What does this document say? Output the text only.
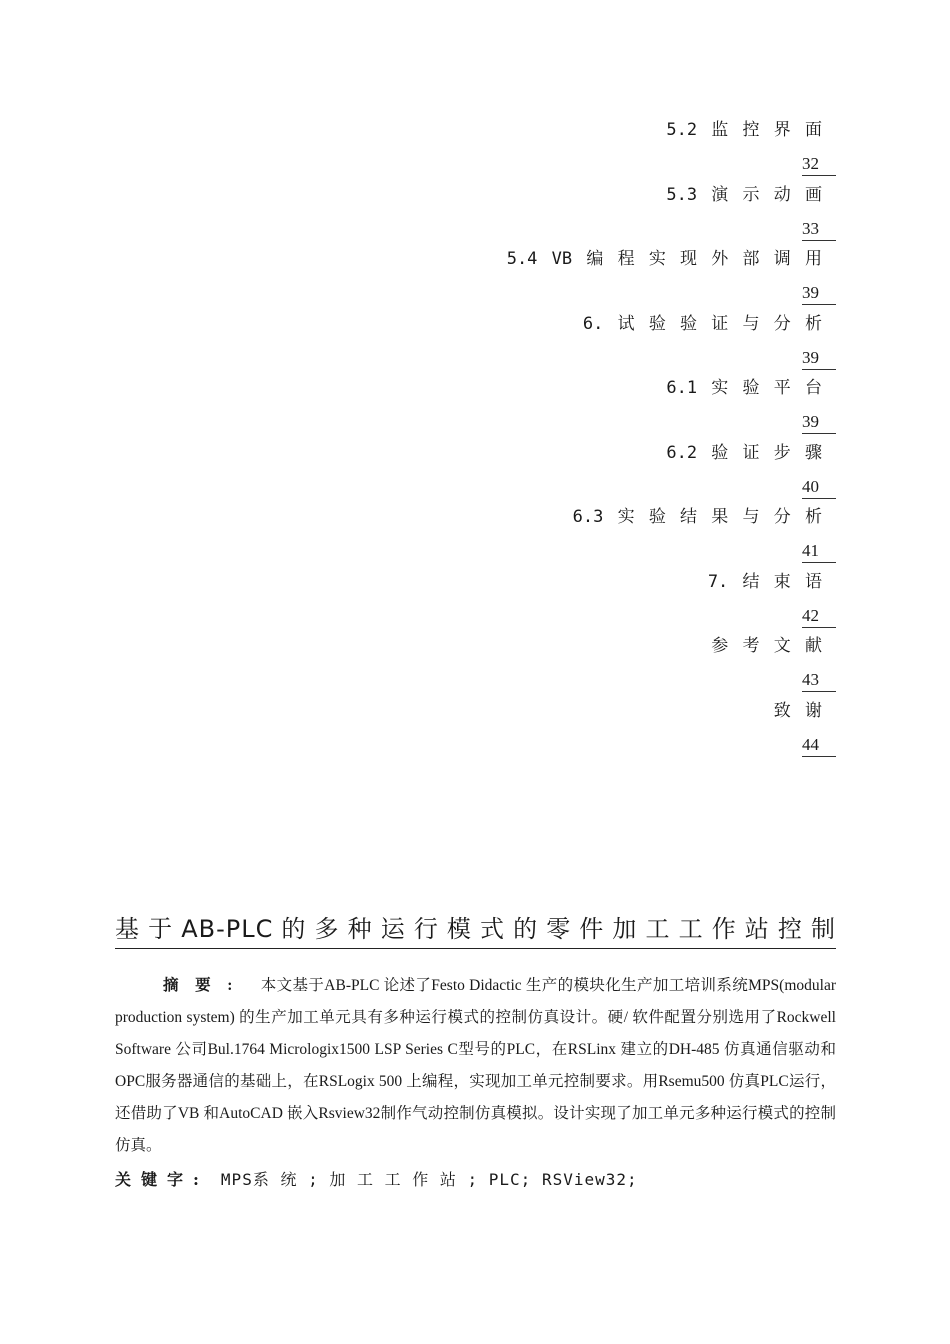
5.2 监 控 界 面
32
5.3 演 示 动 画
33
5.4 VB 编 程 实 现 外 部 调 用
39
6. 试 验 验 证 与 分 析
39
6.1 实 验 平 台
39
6.2 验 证 步 骤
40
6.3 实 验 结 果 与 分 析
41
7. 结 束 语
42
参 考 文 献
43
致 谢
44
基于AB-PLC的多种运行模式的零件加工工作站控制
摘 要 : 本文基于AB-PLC 论述了Festo Didactic 生产的模块化生产加工培训系统MPS(modular production system) 的生产加工单元具有多种运行模式的控制仿真设计。硬/ 软件配置分别选用了Rockwell Software 公司Bul.1764 Micrologix1500 LSP Series C型号的PLC，在RSLinx 建立的DH-485 仿真通信驱动和OPC服务器通信的基础上，在RSLogix 500 上编程，实现加工单元控制要求。用Rsemu500 仿真PLC运行，还借助了VB 和AutoCAD 嵌入Rsview32制作气动控制仿真模拟。设计实现了加工单元多种运行模式的控制仿真。
关键字: MPS系 统 ; 加 工 工 作 站 ; PLC; RSView32;
